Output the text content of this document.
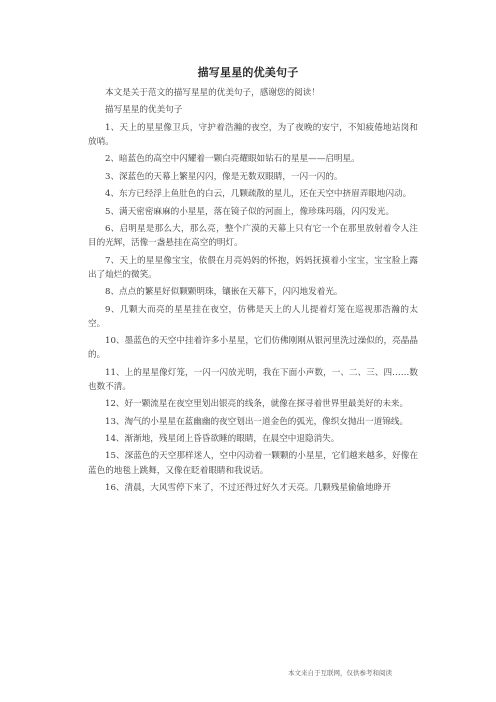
描写星星的优美句子

本文是关于范文的描写星星的优美句子，感谢您的阅读！

描写星星的优美句子

1、天上的星星像卫兵，守护着浩瀚的夜空，为了夜晚的安宁，不知疲倦地站岗和放哨。

2、暗蓝色的高空中闪耀着一颗白亮耀眼如钻石的星星——启明星。

3、深蓝色的天幕上繁星闪闪，像是无数双眼睛，一闪一闪的。

4、东方已经浮上鱼肚色的白云，几颗疏散的星儿，还在天空中挤眉弄眼地闪动。

5、满天密密麻麻的小星星，落在镜子似的河面上，像珍珠玛瑙，闪闪发光。

6、启明星是那么大，那么亮，整个广漠的天幕上只有它一个在那里放射着令人注目的光辉，活像一盏悬挂在高空的明灯。

7、天上的星星像宝宝，依偎在月亮妈妈的怀抱，妈妈抚摸着小宝宝，宝宝脸上露出了灿烂的微笑。

8、点点的繁星好似颗颗明珠，镶嵌在天幕下，闪闪地发着光。

9、几颗大而亮的星星挂在夜空，仿佛是天上的人儿提着灯笼在巡视那浩瀚的太空。

10、墨蓝色的天空中挂着许多小星星，它们仿佛刚刚从银河里洗过澡似的，亮晶晶的。

11、上的星星像灯笼，一闪一闪放光明，我在下面小声数，一、二、三、四……数也数不清。

12、好一颗流星在夜空里划出银亮的线条，就像在探寻着世界里最美好的未来。

13、淘气的小星星在蓝幽幽的夜空划出一道金色的弧光，像织女抛出一道锦线。

14、渐渐地，残星闭上昏昏欲睡的眼睛，在晨空中退隐消失。

15、深蓝色的天空那样迷人，空中闪动着一颗颗的小星星，它们越来越多，好像在蓝色的地毯上跳舞，又像在眨着眼睛和我说话。

16、清晨，大风雪停下来了，不过还得过好久才天亮。几颗残星偷偷地睁开

本文来自于互联网，仅供参考和阅读
